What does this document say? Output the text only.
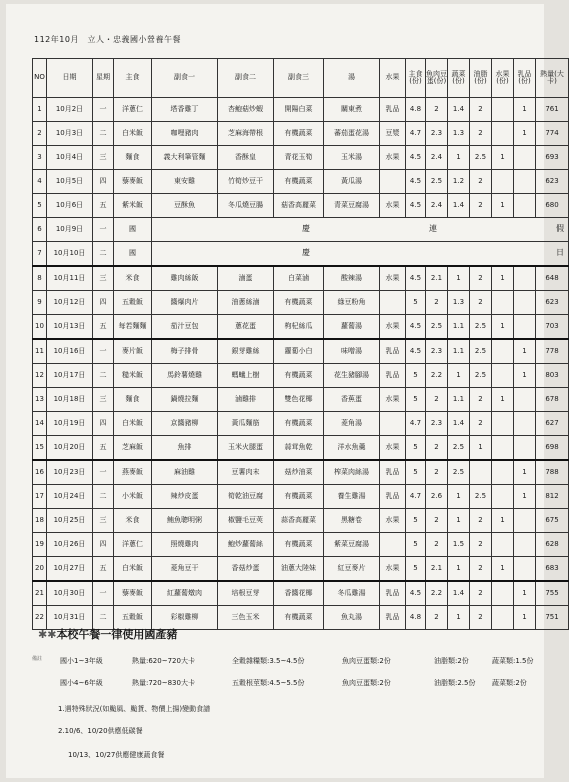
112年10月　立人・忠義國小營養午餐
NO	日期	星期	主食	副食一	副食二	副食三	湯	水果	主食(份)	魚肉豆蛋(份)	蔬菜(份)	油脂(份)	水果(份)	乳品(份)	熱量(大卡)
1	10月2日	一	洋蔥仁	塔香雞丁	杏鮑菇炒蝦	開陽白菜	關東煮	乳品	4.8	2	1.4	2		1	761
2	10月3日	二	白米飯	咖哩豬肉	芝麻海帶根	有機蔬菜	蕃茄蛋花湯	豆漿	4.7	2.3	1.3	2		1	774
3	10月4日	三	麵食	義大利筆管麵	香酥皇	青花玉筍	玉米湯	水果	4.5	2.4	1	2.5	1		693
4	10月5日	四	藜麥飯	東安雞	竹筍炒豆干	有機蔬菜	黃瓜湯		4.5	2.5	1.2	2			623
5	10月6日	五	紫米飯	豆酥魚	冬瓜燒豆腸	菇香高麗菜	青菜豆腐湯	水果	4.5	2.4	1.4	2	1		680
6	10月9日	一	國	慶 連 假											

7	10月10日	二	國	慶 日											

8	10月11日	三	米食	雞肉絲飯	滷蛋	白菜滷	酸辣湯	水果	4.5	2.1	1	2	1		648
9	10月12日	四	五穀飯	醬爆肉片	油蔥絲滷	有機蔬菜	綠豆粉角		5	2	1.3	2			623
10	10月13日	五	每若麵麵	茄汁豆包	蔥花蛋	枸杞絲瓜	蘿蔔湯	水果	4.5	2.5	1.1	2.5	1		703
11	10月16日	一	麥片飯	梅子排骨	銀芽雞絲	蘿蔔小白	味噌湯	乳品	4.5	2.3	1.1	2.5		1	778
12	10月17日	二	糙米飯	馬鈴薯燒雞	螞蟻上樹	有機蔬菜	花生豬腳湯	乳品	5	2.2	1	2.5		1	803
13	10月18日	三	麵食	鍋燒拉麵	滷雞排	雙色花椰	香蕉蛋	水果	5	2	1.1	2	1		678
14	10月19日	四	白米飯	京醬豬柳	黃瓜麵筋	有機蔬菜	菱角湯		4.7	2.3	1.4	2			627
15	10月20日	五	芝麻飯	魚排	玉米火腿蛋	蒜茸魚乾	洋水魚羹	水果	5	2	2.5	1			698
16	10月23日	一	燕麥飯	麻油雞	豆薯肉末	菇炒油菜	榨菜肉絲湯	乳品	5	2	2.5			1	788
17	10月24日	二	小米飯	辣炒皮蛋	筍乾油豆腐	有機蔬菜	養生雞湯	乳品	4.7	2.6	1	2.5		1	812
18	10月25日	三	米食	鮪魚聰明粥	椒鹽毛豆莢	蒜香高麗菜	黑糖卷	水果	5	2	1	2	1		675
19	10月26日	四	洋蔥仁	照燒雞肉	鮑炒蘿蔔絲	有機蔬菜	紫菜豆腐湯		5	2	1.5	2			628
20	10月27日	五	白米飯	菱角豆干	香菇炒蛋	油蔥大陸妹	紅豆麥片	水果	5	2.1	1	2	1		683
21	10月30日	一	藜麥飯	紅蘿蔔燉肉	培根豆芽	香醬花椰	冬瓜雞湯	乳品	4.5	2.2	1.4	2		1	755
22	10月31日	二	五穀飯	彩椒雞柳	三色玉米	有機蔬菜	魚丸湯	乳品	4.8	2	1	2		1	751
✱✱本校午餐一律使用國產豬
備註	國小1~3年級	熱量:620~720大卡	全穀雜糧類:3.5~4.5份	魚肉豆蛋類:2份	油脂類:2份	蔬菜類:1.5份
國小4~6年級	熱量:720~830大卡	五穀根莖類:4.5~5.5份	魚肉豆蛋類:2份	油脂類:2.5份 蔬菜類:2份
1.遇特殊狀況(如颱風、颱貨、物價上揚)變動食譜
2.10/6、10/20供應低碳餐
10/13、10/27供應健康蔬食餐
